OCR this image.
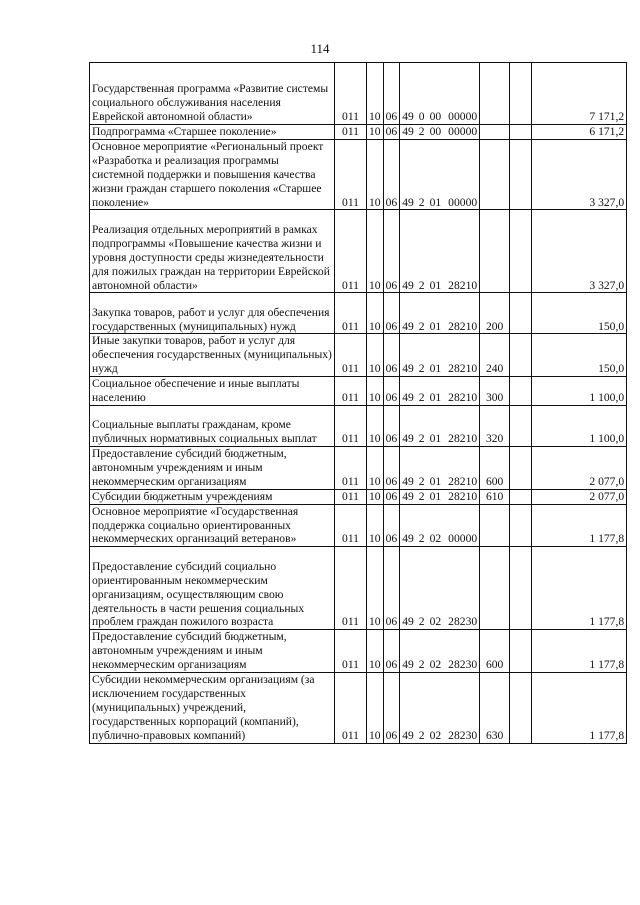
114
Государственная программа «Развитие системы социального обслуживания населения Еврейской автономной области»	011	10	06	49 0 00 00000			7 171,2
Подпрограмма «Старшее поколение»	011	10	06	49 2 00 00000			6 171,2
Основное мероприятие «Региональный проект «Разработка и реализация программы системной поддержки и повышения качества жизни граждан старшего поколения «Старшее поколение»	011	10	06	49 2 01 00000			3 327,0
Реализация отдельных мероприятий в рамках подпрограммы «Повышение качества жизни и уровня доступности среды жизнедеятельности для пожилых граждан на территории Еврейской автономной области»	011	10	06	49 2 01 28210			3 327,0
Закупка товаров, работ и услуг для обеспечения государственных (муниципальных) нужд	011	10	06	49 2 01 28210	200		150,0
Иные закупки товаров, работ и услуг для обеспечения государственных (муниципальных) нужд	011	10	06	49 2 01 28210	240		150,0
Социальное обеспечение и иные выплаты населению	011	10	06	49 2 01 28210	300		1 100,0
Социальные выплаты гражданам, кроме публичных нормативных социальных выплат	011	10	06	49 2 01 28210	320		1 100,0
Предоставление субсидий бюджетным, автономным учреждениям и иным некоммерческим организациям	011	10	06	49 2 01 28210	600		2 077,0
Субсидии бюджетным учреждениям	011	10	06	49 2 01 28210	610		2 077,0
Основное мероприятие «Государственная поддержка социально ориентированных некоммерческих организаций ветеранов»	011	10	06	49 2 02 00000			1 177,8
Предоставление субсидий социально ориентированным некоммерческим организациям, осуществляющим свою деятельность в части решения социальных проблем граждан пожилого возраста	011	10	06	49 2 02 28230			1 177,8
Предоставление субсидий бюджетным, автономным учреждениям и иным некоммерческим организациям	011	10	06	49 2 02 28230	600		1 177,8
Субсидии некоммерческим организациям (за исключением государственных (муниципальных) учреждений, государственных корпораций (компаний), публично-правовых компаний)	011	10	06	49 2 02 28230	630		1 177,8
